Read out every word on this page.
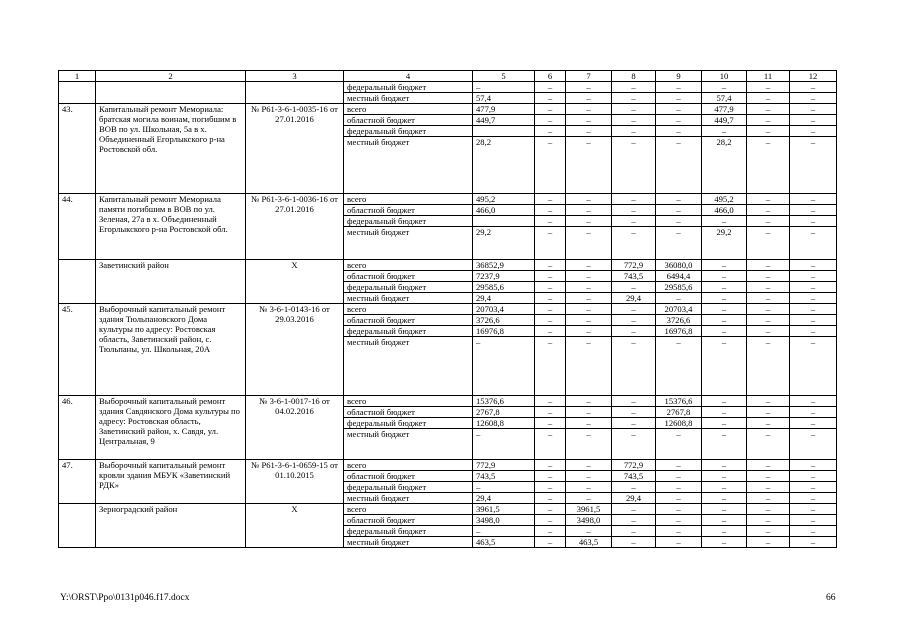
1	2	3	4	5	6	7	8	9	10	11	12
			федеральный бюджет	–	–	–	–	–	–	–	–
			местный бюджет	57,4	–	–	–	–	57,4	–	–
43.	Капитальный ремонт Мемориала: братская могила воинам, погибшим в ВОВ по ул. Школьная, 5а в х. Объединенный Егорлыкского р-на Ростовской обл.	№ Р61-3-6-1-0035-16 от 27.01.2016	всего	477,9	–	–	–	–	477,9	–	–
			областной бюджет	449,7	–	–	–	–	449,7	–	–
			федеральный бюджет		–	–	–	–	–	–	–
			местный бюджет	28,2	–	–	–	–	28,2	–	–
44.	Капитальный ремонт Мемориала памяти погибшим в ВОВ по ул. Зеленая, 27а в х. Объединенный Егорлыкского р-на Ростовской обл.	№ Р61-3-6-1-0036-16 от 27.01.2016	всего	495,2	–	–	–	–	495,2	–	–
			областной бюджет	466,0	–	–	–	–	466,0	–	–
			федеральный бюджет		–	–	–	–	–	–	–
			местный бюджет	29,2	–	–	–	–	29,2	–	–
	Заветинский район	Х	всего	36852,9	–	–	772,9	36080,0	–	–	–
			областной бюджет	7237,9	–	–	743,5	6494,4	–	–	–
			федеральный бюджет	29585,6	–	–	–	29585,6	–	–	–
			местный бюджет	29,4	–	–	29,4	–	–	–	–
45.	Выборочный капитальный ремонт здания Тюльпановского Дома культуры по адресу: Ростовская область, Заветинский район, с. Тюльпаны, ул. Школьная, 20А	№ 3-6-1-0143-16 от 29.03.2016	всего	20703,4	–	–	–	20703,4	–	–	–
			областной бюджет	3726,6	–	–	–	3726,6	–	–	–
			федеральный бюджет	16976,8	–	–	–	16976,8	–	–	–
			местный бюджет	–	–	–	–	–	–	–	–
46.	Выборочный капитальный ремонт здания Савдянского Дома культуры по адресу: Ростовская область, Заветинский район, х. Савдя, ул. Центральная, 9	№ 3-6-1-0017-16 от 04.02.2016	всего	15376,6	–	–	–	15376,6	–	–	–
			областной бюджет	2767,8	–	–	–	2767,8	–	–	–
			федеральный бюджет	12608,8	–	–	–	12608,8	–	–	–
			местный бюджет	–	–	–	–	–	–	–	–
47.	Выборочный капитальный ремонт кровли здания МБУК «Заветинский РДК»	№ Р61-3-6-1-0659-15 от 01.10.2015	всего	772,9	–	–	772,9	–	–	–	–
			областной бюджет	743,5	–	–	743,5	–	–	–	–
			федеральный бюджет	–	–	–	–	–	–	–	–
			местный бюджет	29,4	–	–	29,4	–	–	–	–
	Зерноградский район	Х	всего	3961,5	–	3961,5	–	–	–	–	–
			областной бюджет	3498,0	–	3498,0	–	–	–	–	–
			федеральный бюджет	–	–	–	–	–	–	–	–
			местный бюджет	463,5	–	463,5	–	–	–	–	–
Y:\ORST\Ppo\0131p046.f17.docx	66
